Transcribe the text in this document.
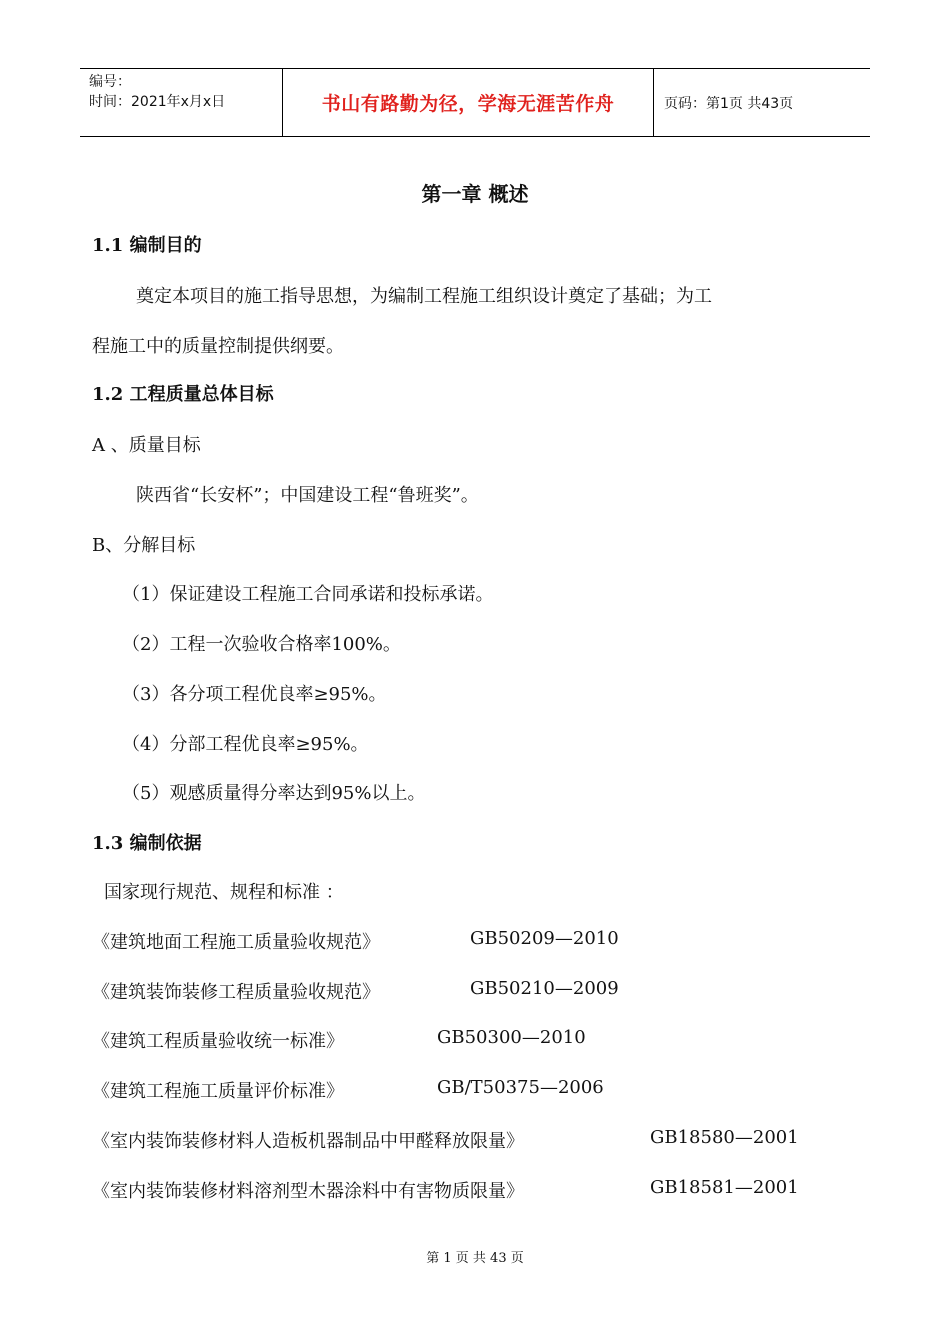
编号：
时间：2021年x月x日	书山有路勤为径，学海无涯苦作舟	页码：第1页 共43页
第一章 概述
1.1 编制目的
奠定本项目的施工指导思想，为编制工程施工组织设计奠定了基础；为工
程施工中的质量控制提供纲要。
1.2 工程质量总体目标
A 、质量目标
陕西省“长安杯”；中国建设工程“鲁班奖”。
B、分解目标
（1）保证建设工程施工合同承诺和投标承诺。
（2）工程一次验收合格率100%。
（3）各分项工程优良率≥95%。
（4）分部工程优良率≥95%。
（5）观感质量得分率达到95%以上。
1.3 编制依据
国家现行规范、规程和标准 ：
《建筑地面工程施工质量验收规范》	GB50209—2010
《建筑装饰装修工程质量验收规范》	GB50210—2009
《建筑工程质量验收统一标准》	GB50300—2010
《建筑工程施工质量评价标准》	GB/T50375—2006
《室内装饰装修材料人造板机器制品中甲醛释放限量》	GB18580—2001
《室内装饰装修材料溶剂型木器涂料中有害物质限量》	GB18581—2001
第 1 页 共 43 页
